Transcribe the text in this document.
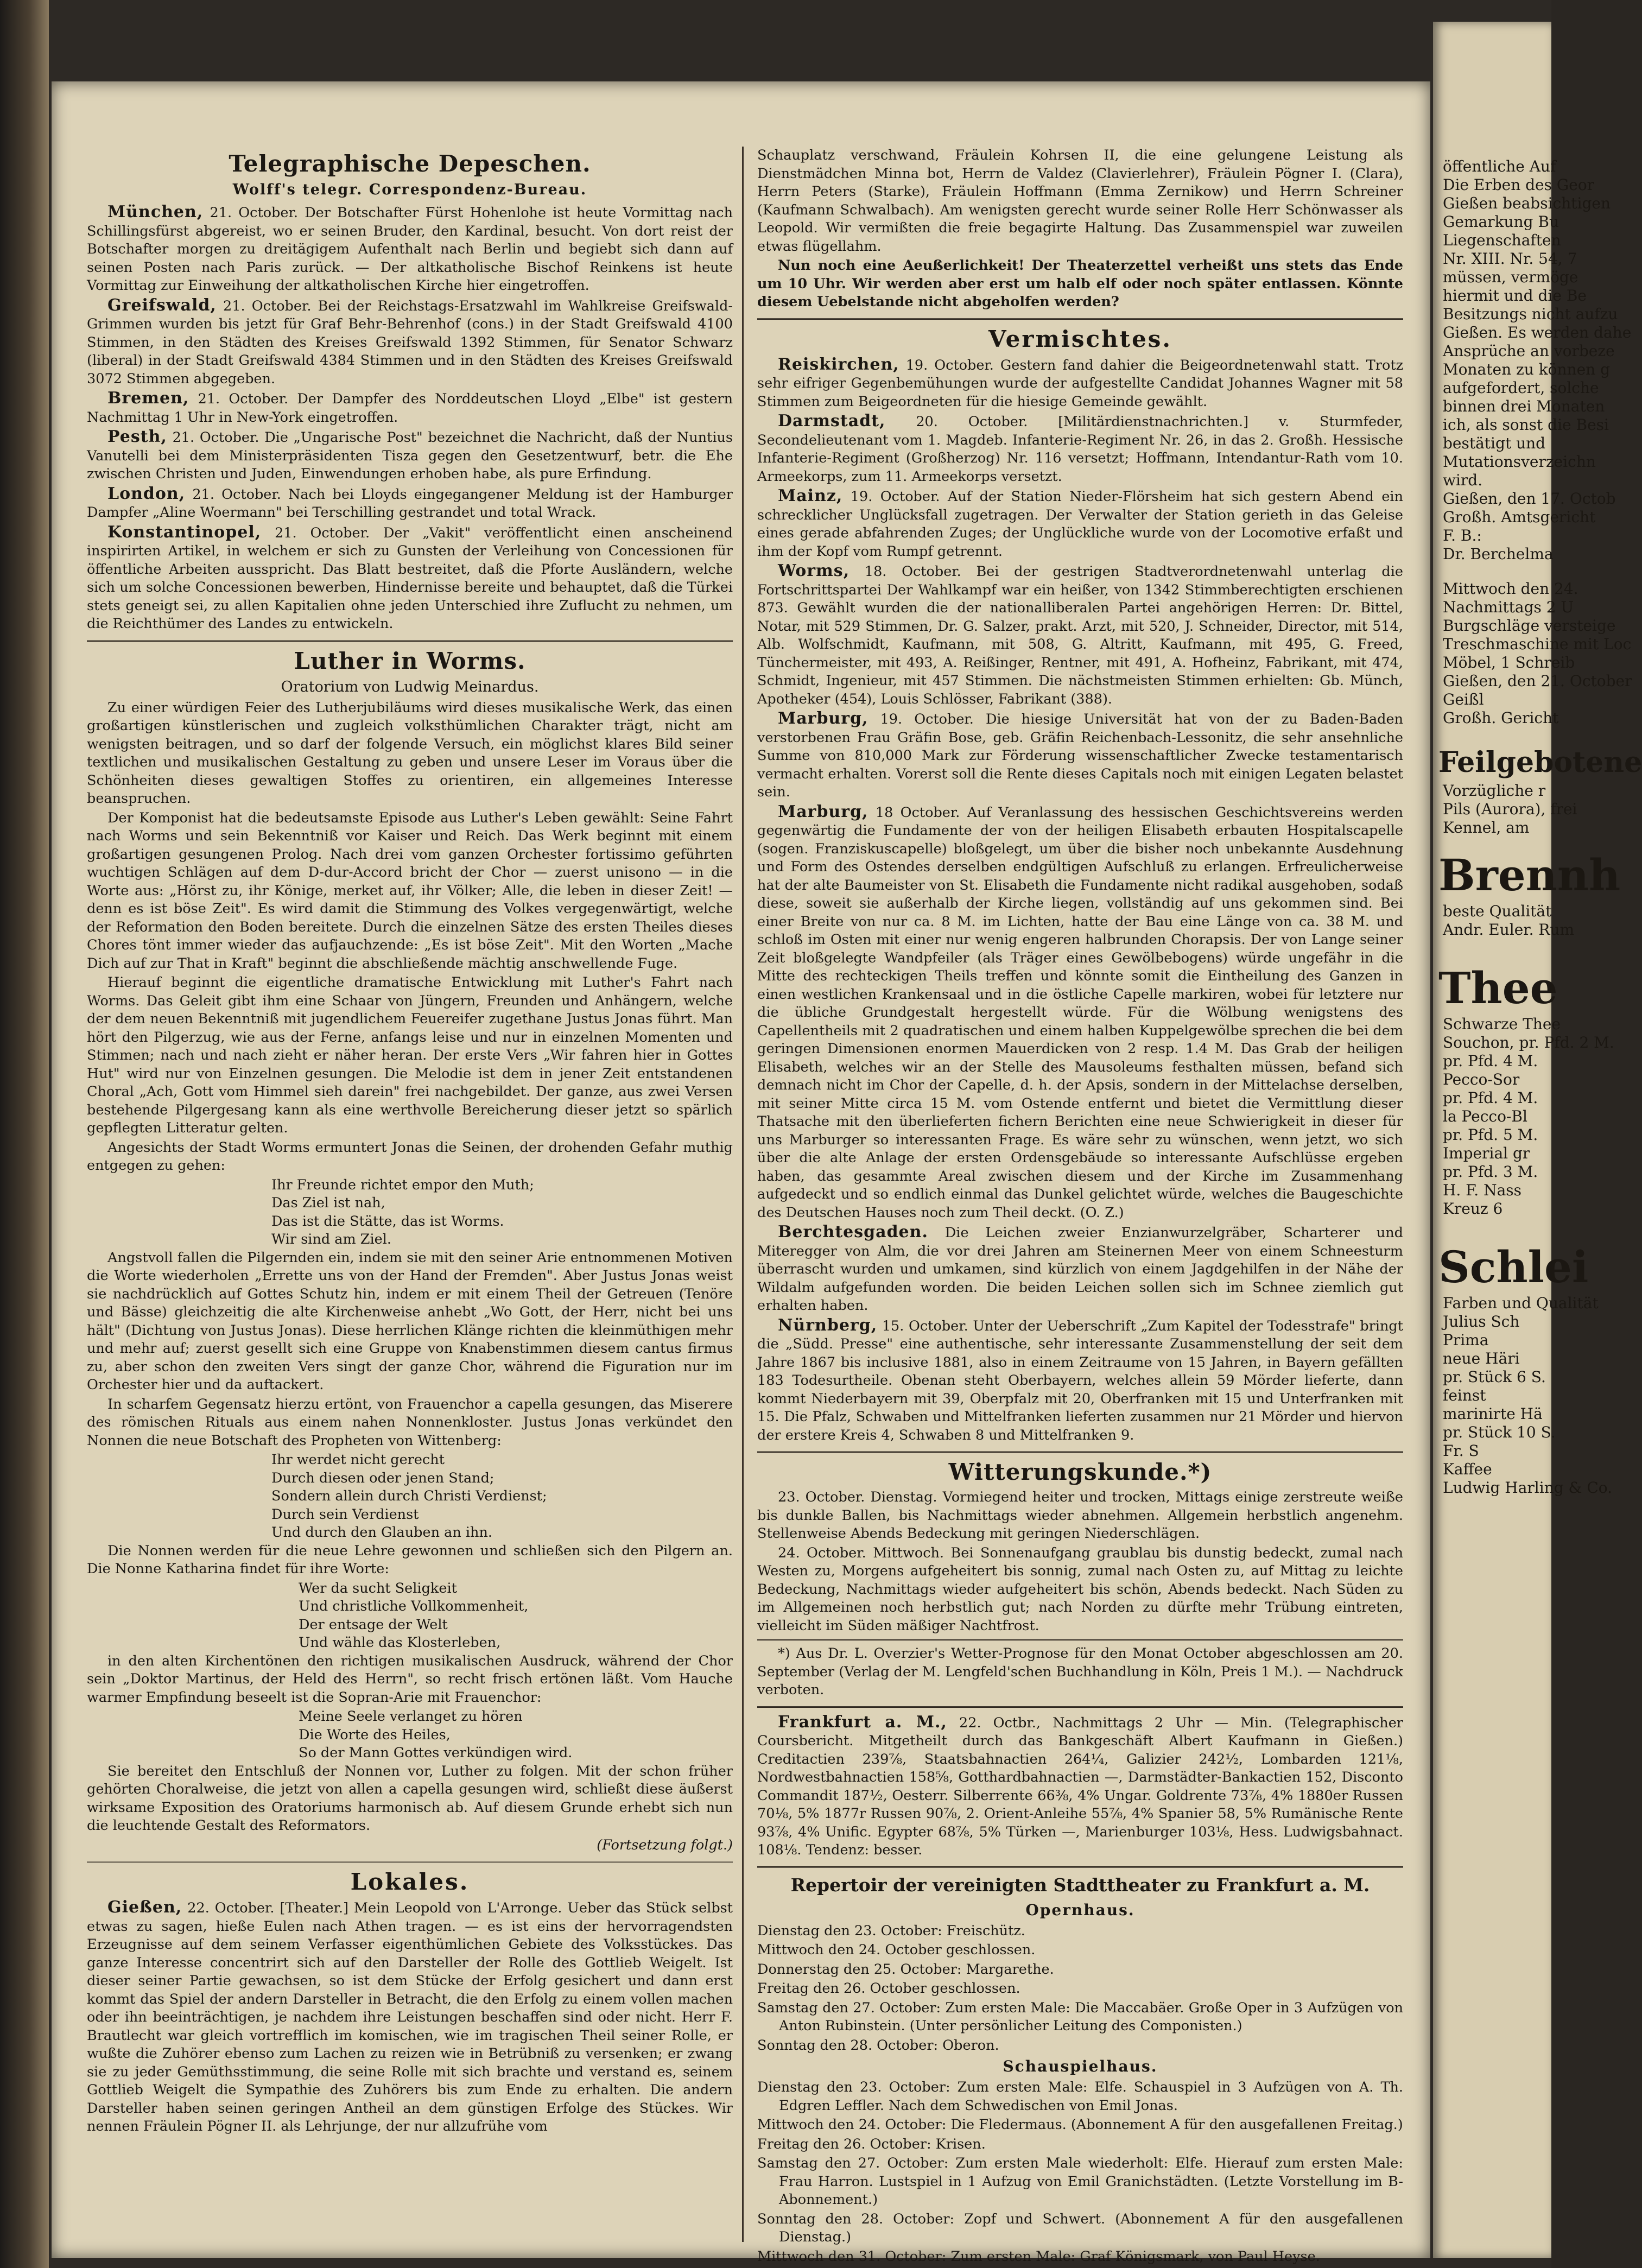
Telegraphische Depeschen.
Wolff's telegr. Correspondenz-Bureau.

München, 21. October. Der Botschafter Fürst Hohenlohe ist heute Vormittag nach Schillingsfürst abgereist, wo er seinen Bruder, den Kardinal, besucht. Von dort reist der Botschafter morgen zu dreitägigem Aufenthalt nach Berlin und begiebt sich dann auf seinen Posten nach Paris zurück. — Der altkatholische Bischof Reinkens ist heute Vormittag zur Einweihung der altkatholischen Kirche hier eingetroffen.

Greifswald, 21. October. Bei der Reichstags-Ersatzwahl im Wahlkreise Greifswald-Grimmen wurden bis jetzt für Graf Behr-Behrenhof (cons.) in der Stadt Greifswald 4100 Stimmen, in den Städten des Kreises Greifswald 1392 Stimmen, für Senator Schwarz (liberal) in der Stadt Greifswald 4384 Stimmen und in den Städten des Kreises Greifswald 3072 Stimmen abgegeben.

Bremen, 21. October. Der Dampfer des Norddeutschen Lloyd „Elbe" ist gestern Nachmittag 1 Uhr in New-York eingetroffen.

Pesth, 21. October. Die „Ungarische Post" bezeichnet die Nachricht, daß der Nuntius Vanutelli bei dem Ministerpräsidenten Tisza gegen den Gesetzentwurf, betr. die Ehe zwischen Christen und Juden, Einwendungen erhoben habe, als pure Erfindung.

London, 21. October. Nach bei Lloyds eingegangener Meldung ist der Hamburger Dampfer „Aline Woermann" bei Terschilling gestrandet und total Wrack.

Konstantinopel, 21. October. Der „Vakit" veröffentlicht einen anscheinend inspirirten Artikel, in welchem er sich zu Gunsten der Verleihung von Concessionen für öffentliche Arbeiten ausspricht. Das Blatt bestreitet, daß die Pforte Ausländern, welche sich um solche Concessionen bewerben, Hindernisse bereite und behauptet, daß die Türkei stets geneigt sei, zu allen Kapitalien ohne jeden Unterschied ihre Zuflucht zu nehmen, um die Reichthümer des Landes zu entwickeln.

Luther in Worms.
Oratorium von Ludwig Meinardus.

Zu einer würdigen Feier des Lutherjubiläums wird dieses musikalische Werk, das einen großartigen künstlerischen und zugleich volksthümlichen Charakter trägt, nicht am wenigsten beitragen, und so darf der folgende Versuch, ein möglichst klares Bild seiner textlichen und musikalischen Gestaltung zu geben und unsere Leser im Voraus über die Schönheiten dieses gewaltigen Stoffes zu orientiren, ein allgemeines Interesse beanspruchen.

Der Komponist hat die bedeutsamste Episode aus Luther's Leben gewählt: Seine Fahrt nach Worms und sein Bekenntniß vor Kaiser und Reich. Das Werk beginnt mit einem großartigen gesungenen Prolog. Nach drei vom ganzen Orchester fortissimo geführten wuchtigen Schlägen auf dem D-dur-Accord bricht der Chor — zuerst unisono — in die Worte aus: „Hörst zu, ihr Könige, merket auf, ihr Völker; Alle, die leben in dieser Zeit! — denn es ist böse Zeit". Es wird damit die Stimmung des Volkes vergegenwärtigt, welche der Reformation den Boden bereitete. Durch die einzelnen Sätze des ersten Theiles dieses Chores tönt immer wieder das aufjauchzende: „Es ist böse Zeit". Mit den Worten „Mache Dich auf zur That in Kraft" beginnt die abschließende mächtig anschwellende Fuge.

Hierauf beginnt die eigentliche dramatische Entwicklung mit Luther's Fahrt nach Worms. Das Geleit gibt ihm eine Schaar von Jüngern, Freunden und Anhängern, welche der dem neuen Bekenntniß mit jugendlichem Feuereifer zugethane Justus Jonas führt. Man hört den Pilgerzug, wie aus der Ferne, anfangs leise und nur in einzelnen Momenten und Stimmen; nach und nach zieht er näher heran. Der erste Vers „Wir fahren hier in Gottes Hut" wird nur von Einzelnen gesungen. Die Melodie ist dem in jener Zeit entstandenen Choral „Ach, Gott vom Himmel sieh darein" frei nachgebildet. Der ganze, aus zwei Versen bestehende Pilgergesang kann als eine werthvolle Bereicherung dieser jetzt so spärlich gepflegten Litteratur gelten.

Angesichts der Stadt Worms ermuntert Jonas die Seinen, der drohenden Gefahr muthig entgegen zu gehen:

Ihr Freunde richtet empor den Muth;

Das Ziel ist nah,

Das ist die Stätte, das ist Worms.

Wir sind am Ziel.

Angstvoll fallen die Pilgernden ein, indem sie mit den seiner Arie entnommenen Motiven die Worte wiederholen „Errette uns von der Hand der Fremden". Aber Justus Jonas weist sie nachdrücklich auf Gottes Schutz hin, indem er mit einem Theil der Getreuen (Tenöre und Bässe) gleichzeitig die alte Kirchenweise anhebt „Wo Gott, der Herr, nicht bei uns hält" (Dichtung von Justus Jonas). Diese herrlichen Klänge richten die kleinmüthigen mehr und mehr auf; zuerst gesellt sich eine Gruppe von Knabenstimmen diesem cantus firmus zu, aber schon den zweiten Vers singt der ganze Chor, während die Figuration nur im Orchester hier und da auftackert.

In scharfem Gegensatz hierzu ertönt, von Frauenchor a capella gesungen, das Miserere des römischen Rituals aus einem nahen Nonnenkloster. Justus Jonas verkündet den Nonnen die neue Botschaft des Propheten von Wittenberg:

Ihr werdet nicht gerecht

Durch diesen oder jenen Stand;

Sondern allein durch Christi Verdienst;

Durch sein Verdienst

Und durch den Glauben an ihn.

Die Nonnen werden für die neue Lehre gewonnen und schließen sich den Pilgern an. Die Nonne Katharina findet für ihre Worte:

Wer da sucht Seligkeit

Und christliche Vollkommenheit,

Der entsage der Welt

Und wähle das Klosterleben,

in den alten Kirchentönen den richtigen musikalischen Ausdruck, während der Chor sein „Doktor Martinus, der Held des Herrn", so recht frisch ertönen läßt. Vom Hauche warmer Empfindung beseelt ist die Sopran-Arie mit Frauenchor:

Meine Seele verlanget zu hören

Die Worte des Heiles,

So der Mann Gottes verkündigen wird.

Sie bereitet den Entschluß der Nonnen vor, Luther zu folgen. Mit der schon früher gehörten Choralweise, die jetzt von allen a capella gesungen wird, schließt diese äußerst wirksame Exposition des Oratoriums harmonisch ab. Auf diesem Grunde erhebt sich nun die leuchtende Gestalt des Reformators.

(Fortsetzung folgt.)
Lokales.

Gießen, 22. October. [Theater.] Mein Leopold von L'Arronge. Ueber das Stück selbst etwas zu sagen, hieße Eulen nach Athen tragen. — es ist eins der hervorragendsten Erzeugnisse auf dem seinem Verfasser eigenthümlichen Gebiete des Volksstückes. Das ganze Interesse concentrirt sich auf den Darsteller der Rolle des Gottlieb Weigelt. Ist dieser seiner Partie gewachsen, so ist dem Stücke der Erfolg gesichert und dann erst kommt das Spiel der andern Darsteller in Betracht, die den Erfolg zu einem vollen machen oder ihn beeinträchtigen, je nachdem ihre Leistungen beschaffen sind oder nicht. Herr F. Brautlecht war gleich vortrefflich im komischen, wie im tragischen Theil seiner Rolle, er wußte die Zuhörer ebenso zum Lachen zu reizen wie in Betrübniß zu versenken; er zwang sie zu jeder Gemüthsstimmung, die seine Rolle mit sich brachte und verstand es, seinem Gottlieb Weigelt die Sympathie des Zuhörers bis zum Ende zu erhalten. Die andern Darsteller haben seinen geringen Antheil an dem günstigen Erfolge des Stückes. Wir nennen Fräulein Pögner II. als Lehrjunge, der nur allzufrühe vom

Schauplatz verschwand, Fräulein Kohrsen II, die eine gelungene Leistung als Dienstmädchen Minna bot, Herrn de Valdez (Clavierlehrer), Fräulein Pögner I. (Clara), Herrn Peters (Starke), Fräulein Hoffmann (Emma Zernikow) und Herrn Schreiner (Kaufmann Schwalbach). Am wenigsten gerecht wurde seiner Rolle Herr Schönwasser als Leopold. Wir vermißten die freie begagirte Haltung. Das Zusammenspiel war zuweilen etwas flügellahm.

Nun noch eine Aeußerlichkeit! Der Theaterzettel verheißt uns stets das Ende um 10 Uhr. Wir werden aber erst um halb elf oder noch später entlassen. Könnte diesem Uebelstande nicht abgeholfen werden?

Vermischtes.

Reiskirchen, 19. October. Gestern fand dahier die Beigeordnetenwahl statt. Trotz sehr eifriger Gegenbemühungen wurde der aufgestellte Candidat Johannes Wagner mit 58 Stimmen zum Beigeordneten für die hiesige Gemeinde gewählt.

Darmstadt, 20. October. [Militärdienstnachrichten.] v. Sturmfeder, Secondelieutenant vom 1. Magdeb. Infanterie-Regiment Nr. 26, in das 2. Großh. Hessische Infanterie-Regiment (Großherzog) Nr. 116 versetzt; Hoffmann, Intendantur-Rath vom 10. Armeekorps, zum 11. Armeekorps versetzt.

Mainz, 19. October. Auf der Station Nieder-Flörsheim hat sich gestern Abend ein schrecklicher Unglücksfall zugetragen. Der Verwalter der Station gerieth in das Geleise eines gerade abfahrenden Zuges; der Unglückliche wurde von der Locomotive erfaßt und ihm der Kopf vom Rumpf getrennt.

Worms, 18. October. Bei der gestrigen Stadtverordnetenwahl unterlag die Fortschrittspartei Der Wahlkampf war ein heißer, von 1342 Stimmberechtigten erschienen 873. Gewählt wurden die der nationalliberalen Partei angehörigen Herren: Dr. Bittel, Notar, mit 529 Stimmen, Dr. G. Salzer, prakt. Arzt, mit 520, J. Schneider, Director, mit 514, Alb. Wolfschmidt, Kaufmann, mit 508, G. Altritt, Kaufmann, mit 495, G. Freed, Tünchermeister, mit 493, A. Reißinger, Rentner, mit 491, A. Hofheinz, Fabrikant, mit 474, Schmidt, Ingenieur, mit 457 Stimmen. Die nächstmeisten Stimmen erhielten: Gb. Münch, Apotheker (454), Louis Schlösser, Fabrikant (388).

Marburg, 19. October. Die hiesige Universität hat von der zu Baden-Baden verstorbenen Frau Gräfin Bose, geb. Gräfin Reichenbach-Lessonitz, die sehr ansehnliche Summe von 810,000 Mark zur Förderung wissenschaftlicher Zwecke testamentarisch vermacht erhalten. Vorerst soll die Rente dieses Capitals noch mit einigen Legaten belastet sein.

Marburg, 18 October. Auf Veranlassung des hessischen Geschichtsvereins werden gegenwärtig die Fundamente der von der heiligen Elisabeth erbauten Hospitalscapelle (sogen. Franziskuscapelle) bloßgelegt, um über die bisher noch unbekannte Ausdehnung und Form des Ostendes derselben endgültigen Aufschluß zu erlangen. Erfreulicherweise hat der alte Baumeister von St. Elisabeth die Fundamente nicht radikal ausgehoben, sodaß diese, soweit sie außerhalb der Kirche liegen, vollständig auf uns gekommen sind. Bei einer Breite von nur ca. 8 M. im Lichten, hatte der Bau eine Länge von ca. 38 M. und schloß im Osten mit einer nur wenig engeren halbrunden Chorapsis. Der von Lange seiner Zeit bloßgelegte Wandpfeiler (als Träger eines Gewölbebogens) würde ungefähr in die Mitte des rechteckigen Theils treffen und könnte somit die Eintheilung des Ganzen in einen westlichen Krankensaal und in die östliche Capelle markiren, wobei für letztere nur die übliche Grundgestalt hergestellt würde. Für die Wölbung wenigstens des Capellentheils mit 2 quadratischen und einem halben Kuppelgewölbe sprechen die bei dem geringen Dimensionen enormen Mauerdicken von 2 resp. 1.4 M. Das Grab der heiligen Elisabeth, welches wir an der Stelle des Mausoleums festhalten müssen, befand sich demnach nicht im Chor der Capelle, d. h. der Apsis, sondern in der Mittelachse derselben, mit seiner Mitte circa 15 M. vom Ostende entfernt und bietet die Vermittlung dieser Thatsache mit den überlieferten fichern Berichten eine neue Schwierigkeit in dieser für uns Marburger so interessanten Frage. Es wäre sehr zu wünschen, wenn jetzt, wo sich über die alte Anlage der ersten Ordensgebäude so interessante Aufschlüsse ergeben haben, das gesammte Areal zwischen diesem und der Kirche im Zusammenhang aufgedeckt und so endlich einmal das Dunkel gelichtet würde, welches die Baugeschichte des Deutschen Hauses noch zum Theil deckt. (O. Z.)

Berchtesgaden. Die Leichen zweier Enzianwurzelgräber, Scharterer und Miteregger von Alm, die vor drei Jahren am Steinernen Meer von einem Schneesturm überrascht wurden und umkamen, sind kürzlich von einem Jagdgehilfen in der Nähe der Wildalm aufgefunden worden. Die beiden Leichen sollen sich im Schnee ziemlich gut erhalten haben.

Nürnberg, 15. October. Unter der Ueberschrift „Zum Kapitel der Todesstrafe" bringt die „Südd. Presse" eine authentische, sehr interessante Zusammenstellung der seit dem Jahre 1867 bis inclusive 1881, also in einem Zeitraume von 15 Jahren, in Bayern gefällten 183 Todesurtheile. Obenan steht Oberbayern, welches allein 59 Mörder lieferte, dann kommt Niederbayern mit 39, Oberpfalz mit 20, Oberfranken mit 15 und Unterfranken mit 15. Die Pfalz, Schwaben und Mittelfranken lieferten zusammen nur 21 Mörder und hiervon der erstere Kreis 4, Schwaben 8 und Mittelfranken 9.

Witterungskunde.*)

23. October. Dienstag. Vormiegend heiter und trocken, Mittags einige zerstreute weiße bis dunkle Ballen, bis Nachmittags wieder abnehmen. Allgemein herbstlich angenehm. Stellenweise Abends Bedeckung mit geringen Niederschlägen.

24. October. Mittwoch. Bei Sonnenaufgang graublau bis dunstig bedeckt, zumal nach Westen zu, Morgens aufgeheitert bis sonnig, zumal nach Osten zu, auf Mittag zu leichte Bedeckung, Nachmittags wieder aufgeheitert bis schön, Abends bedeckt. Nach Süden zu im Allgemeinen noch herbstlich gut; nach Norden zu dürfte mehr Trübung eintreten, vielleicht im Süden mäßiger Nachtfrost.

*) Aus Dr. L. Overzier's Wetter-Prognose für den Monat October abgeschlossen am 20. September (Verlag der M. Lengfeld'schen Buchhandlung in Köln, Preis 1 M.). — Nachdruck verboten.

Frankfurt a. M., 22. Octbr., Nachmittags 2 Uhr — Min. (Telegraphischer Coursbericht. Mitgetheilt durch das Bankgeschäft Albert Kaufmann in Gießen.) Creditactien 239⅞, Staatsbahnactien 264¼, Galizier 242½, Lombarden 121⅛, Nordwestbahnactien 158⅝, Gotthardbahnactien —, Darmstädter-Bankactien 152, Disconto Commandit 187½, Oesterr. Silberrente 66⅜, 4% Ungar. Goldrente 73⅞, 4% 1880er Russen 70⅛, 5% 1877r Russen 90⅞, 2. Orient-Anleihe 55⅞, 4% Spanier 58, 5% Rumänische Rente 93⅞, 4% Unific. Egypter 68⅞, 5% Türken —, Marienburger 103⅛, Hess. Ludwigsbahnact. 108⅛. Tendenz: besser.

Repertoir der vereinigten Stadttheater zu Frankfurt a. M.
Opernhaus.

Dienstag den 23. October: Freischütz.

Mittwoch den 24. October geschlossen.

Donnerstag den 25. October: Margarethe.

Freitag den 26. October geschlossen.

Samstag den 27. October: Zum ersten Male: Die Maccabäer. Große Oper in 3 Aufzügen von Anton Rubinstein. (Unter persönlicher Leitung des Componisten.)

Sonntag den 28. October: Oberon.

Schauspielhaus.

Dienstag den 23. October: Zum ersten Male: Elfe. Schauspiel in 3 Aufzügen von A. Th. Edgren Leffler. Nach dem Schwedischen von Emil Jonas.

Mittwoch den 24. October: Die Fledermaus. (Abonnement A für den ausgefallenen Freitag.)

Freitag den 26. October: Krisen.

Samstag den 27. October: Zum ersten Male wiederholt: Elfe. Hierauf zum ersten Male: Frau Harron. Lustspiel in 1 Aufzug von Emil Granichstädten. (Letzte Vorstellung im B-Abonnement.)

Sonntag den 28. October: Zopf und Schwert. (Abonnement A für den ausgefallenen Dienstag.)

Mittwoch den 31. October: Zum ersten Male: Graf Königsmark, von Paul Heyse.

öffentliche Auf
Die Erben des Geor
Gießen beabsichtigen
Gemarkung Bu
Liegenschaften
Nr. XIII. Nr. 54, 7
müssen, vermöge
hiermit und die Be
Besitzungs nicht aufzu
Gießen. Es werden dahe
Ansprüche an vorbeze
Monaten zu können g
aufgefordert, solche
binnen drei Monaten
ich, als sonst die Besi
bestätigt und
Mutationsverzeichn
wird.
Gießen, den 17. Octob
Großh. Amtsgericht
F. B.:
Dr. Berchelma
Mittwoch den 24.
Nachmittags 2 U
Burgschläge versteige
Treschmaschine mit Loc
Möbel, 1 Schreib
Gießen, den 21. October
Geißl
Großh. Gericht
Feilgebotene
Vorzügliche r
Pils (Aurora), frei
Kennel, am
Brennh
beste Qualität
Andr. Euler. Rum
Thee
Schwarze Thee
Souchon, pr. Pfd. 2 M.
pr. Pfd. 4 M.
Pecco-Sor
pr. Pfd. 4 M.
la Pecco-Bl
pr. Pfd. 5 M.
Imperial gr
pr. Pfd. 3 M.
H. F. Nass
Kreuz 6
Schlei
Farben und Qualität
Julius Sch
Prima
neue Häri
pr. Stück 6 S.
feinst
marinirte Hä
pr. Stück 10 S.
Fr. S
Kaffee
Ludwig Harling & Co.
